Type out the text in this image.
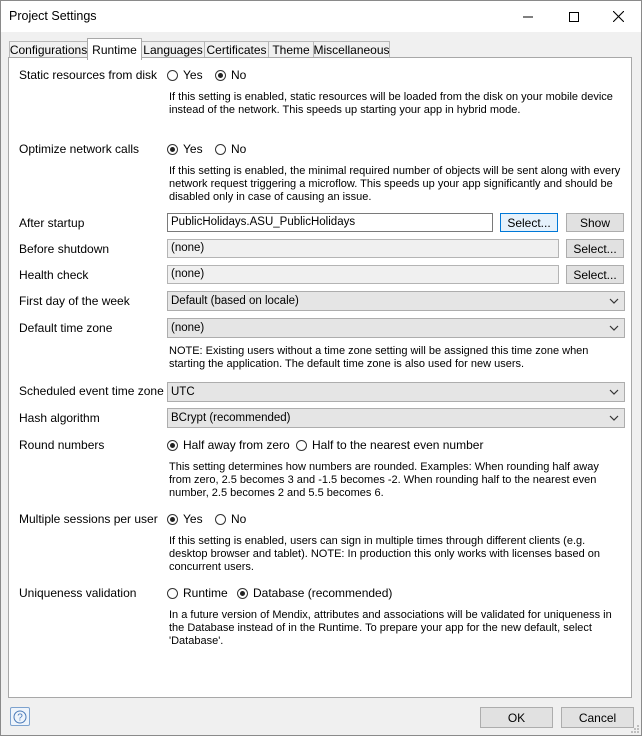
Project Settings
Configurations Runtime Languages Certificates Theme Miscellaneous
Static resources from disk Yes No
If this setting is enabled, static resources will be loaded from the disk on your mobile device instead of the network. This speeds up starting your app in hybrid mode.
Optimize network calls	Yes No
If this setting is enabled, the minimal required number of objects will be sent along with every network request triggering a microflow. This speeds up your app significantly and should be disabled only in case of causing an issue.
After startup	PublicHolidays.ASU_PublicHolidays	Select...	Show
Before shutdown	(none)	Select...
Health check	(none)	Select...
First day of the week	Default (based on locale)
Default time zone	(none)
NOTE: Existing users without a time zone setting will be assigned this time zone when starting the application. The default time zone is also used for new users.
Scheduled event time zone UTC
Hash algorithm	BCrypt (recommended)
Round numbers	Half away from zero Half to the nearest even number
This setting determines how numbers are rounded. Examples: When rounding half away from zero, 2.5 becomes 3 and -1.5 becomes -2. When rounding half to the nearest even number, 2.5 becomes 2 and 5.5 becomes 6.
Multiple sessions per user Yes No
If this setting is enabled, users can sign in multiple times through different clients (e.g. desktop browser and tablet). NOTE: In production this only works with licenses based on concurrent users.
Uniqueness validation	Runtime Database (recommended)
In a future version of Mendix, attributes and associations will be validated for uniqueness in the Database instead of in the Runtime. To prepare your app for the new default, select 'Database'.
?	OK	Cancel
